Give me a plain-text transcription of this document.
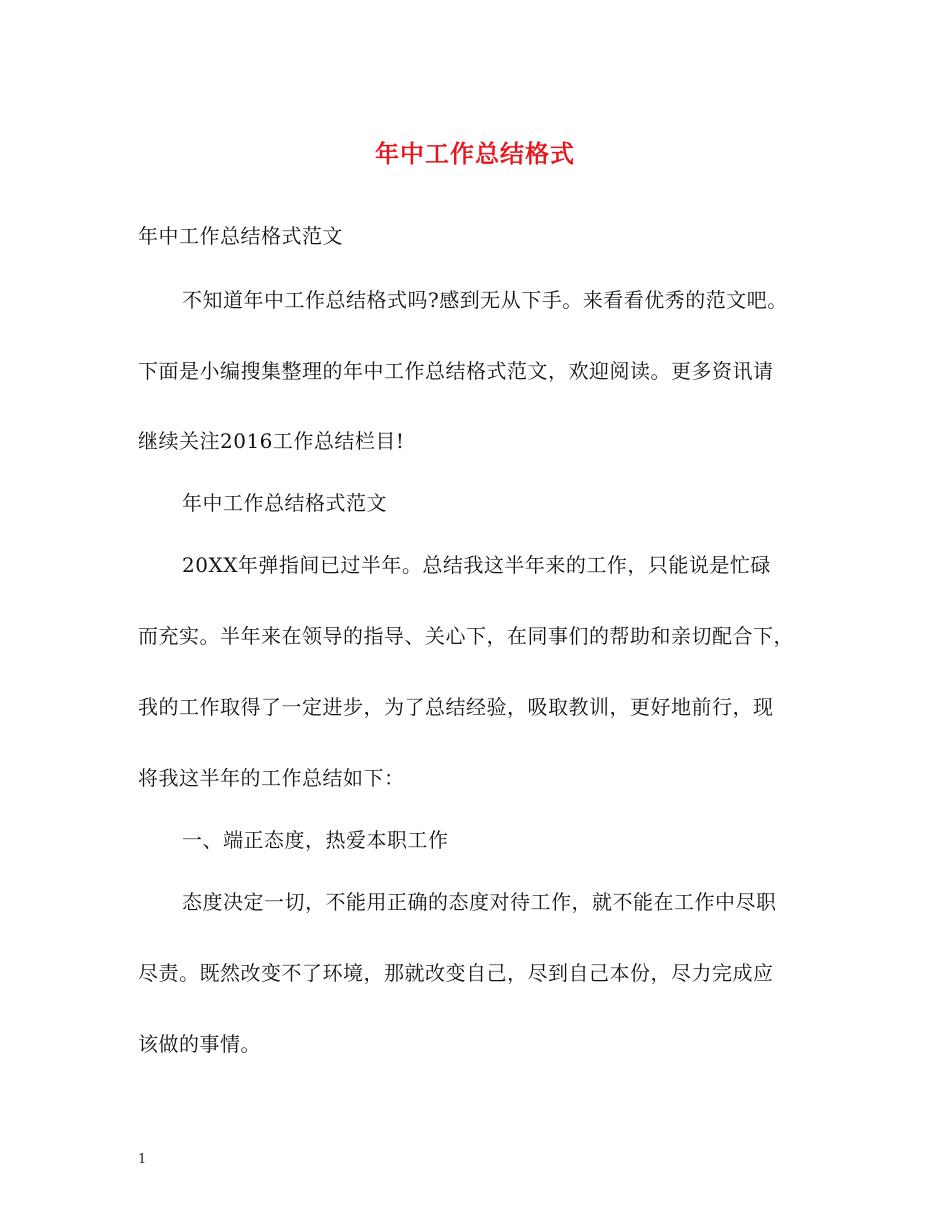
年中工作总结格式
年中工作总结格式范文
不知道年中工作总结格式吗?感到无从下手。来看看优秀的范文吧。
下面是小编搜集整理的年中工作总结格式范文，欢迎阅读。更多资讯请
继续关注2016工作总结栏目!
年中工作总结格式范文
20XX年弹指间已过半年。总结我这半年来的工作，只能说是忙碌
而充实。半年来在领导的指导、关心下，在同事们的帮助和亲切配合下，
我的工作取得了一定进步，为了总结经验，吸取教训，更好地前行，现
将我这半年的工作总结如下：
一、端正态度，热爱本职工作
态度决定一切，不能用正确的态度对待工作，就不能在工作中尽职
尽责。既然改变不了环境，那就改变自己，尽到自己本份，尽力完成应
该做的事情。
1
